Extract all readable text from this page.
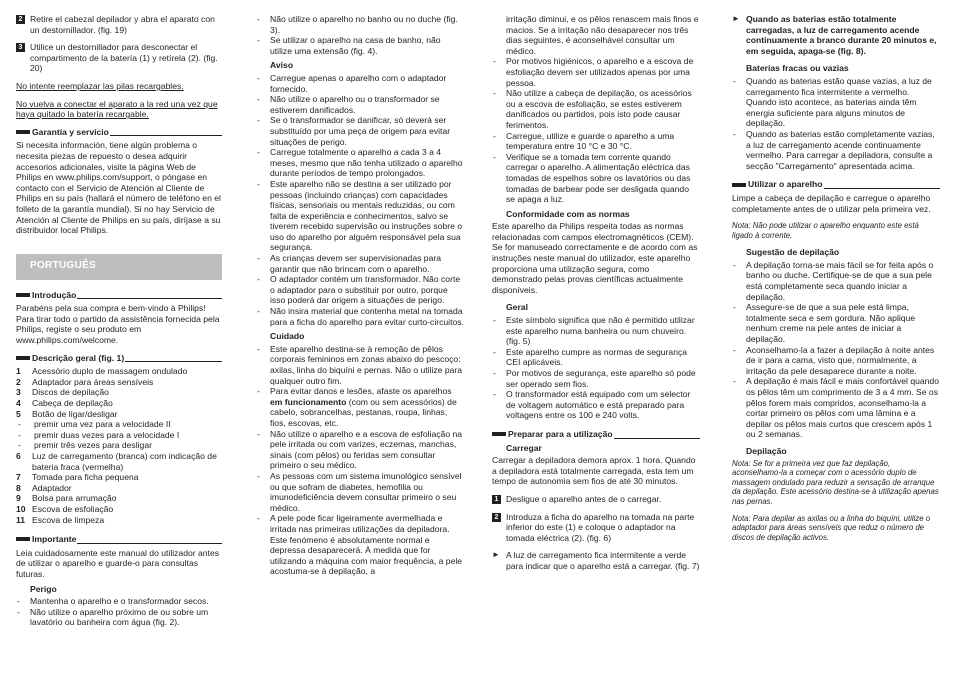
2 Retire el cabezal depilador y abra el aparato con un destornillador. (fig. 19)

3 Utilice un destornillador para desconectar el compartimento de la batería (1) y retírela (2). (fig. 20)

No intente reemplazar las pilas recargables.

No vuelva a conectar el aparato a la red una vez que haya quitado la batería recargable.

Garantía y servicio

Si necesita información, tiene algún problema o necesita piezas de repuesto o desea adquirir accesorios adicionales, visite la página Web de Philips en www.philips.com/support, o póngase en contacto con el Servicio de Atención al Cliente de Philips en su país (hallará el número de teléfono en el folleto de la garantía mundial). Si no hay Servicio de Atención al Cliente de Philips en su país, diríjase a su distribuidor local Philips.

PORTUGUÊS
Introdução

Parabéns pela sua compra e bem-vindo à Philips! Para tirar todo o partido da assistência fornecida pela Philips, registe o seu produto em www.philips.com/welcome.

Descrição geral (fig. 1)
1	Acessório duplo de massagem ondulado
2	Adaptador para áreas sensíveis
3	Discos de depilação
4	Cabeça de depilação
5	Botão de ligar/desligar
-	premir uma vez para a velocidade II
-	premir duas vezes para a velocidade I
-	premir três vezes para desligar
6	Luz de carregamento (branca) com indicação de bateria fraca (vermelha)
7	Tomada para ficha pequena
8	Adaptador
9	Bolsa para arrumação
10 Escova de esfoliação
11 Escova de limpeza
Importante

Leia cuidadosamente este manual do utilizador antes de utilizar o aparelho e guarde-o para consultas futuras.

Perigo

- Mantenha o aparelho e o transformador secos.
- Não utilize o aparelho próximo de ou sobre um lavatório ou banheira com água (fig. 2).
- Não utilize o aparelho no banho ou no duche (fig. 3).
- Se utilizar o aparelho na casa de banho, não utilize uma extensão (fig. 4).

Aviso

- Carregue apenas o aparelho com o adaptador fornecido.
- Não utilize o aparelho ou o transformador se estiverem danificados.
- Se o transformador se danificar, só deverá ser substituído por uma peça de origem para evitar situações de perigo.
- Carregue totalmente o aparelho a cada 3 a 4 meses, mesmo que não tenha utilizado o aparelho durante períodos de tempo prolongados.
- Este aparelho não se destina a ser utilizado por pessoas (incluindo crianças) com capacidades físicas, sensoriais ou mentais reduzidas, ou com falta de experiência e conhecimentos, salvo se tiverem recebido supervisão ou instruções sobre o uso do aparelho por alguém responsável pela sua segurança.
- As crianças devem ser supervisionadas para garantir que não brincam com o aparelho.
- O adaptador contém um transformador. Não corte o adaptador para o substituir por outro, porque isso poderá dar origem a situações de perigo.
- Não insira material que contenha metal na tomada para a ficha do aparelho para evitar curto-circuitos.

Cuidado

- Este aparelho destina-se à remoção de pêlos corporais femininos em zonas abaixo do pescoço: axilas, linha do biquíni e pernas. Não o utilize para qualquer outro fim.
- Para evitar danos e lesões, afaste os aparelhos em funcionamento (com ou sem acessórios) de cabelo, sobrancelhas, pestanas, roupa, linhas, fios, escovas, etc.
- Não utilize o aparelho e a escova de esfoliação na pele irritada ou com varizes, eczemas, manchas, sinais (com pêlos) ou feridas sem consultar primeiro o seu médico.
- As pessoas com um sistema imunológico sensível ou que sofram de diabetes, hemofilia ou imunodeficiência devem consultar primeiro o seu médico.
- A pele pode ficar ligeiramente avermelhada e irritada nas primeiras utilizações da depiladora. Este fenómeno é absolutamente normal e depressa desaparecerá. À medida que for utilizando a máquina com maior frequência, a pele acostuma-se à depilação, a

irritação diminui, e os pêlos renascem mais finos e macios. Se a irritação não desaparecer nos três dias seguintes, é aconselhável consultar um médico.

- Por motivos higiénicos, o aparelho e a escova de esfoliação devem ser utilizados apenas por uma pessoa.
- Não utilize a cabeça de depilação, os acessórios ou a escova de esfoliação, se estes estiverem danificados ou partidos, pois isto pode causar ferimentos.
- Carregue, utilize e guarde o aparelho a uma temperatura entre 10 °C e 30 °C.
- Verifique se a tomada tem corrente quando carregar o aparelho. A alimentação eléctrica das tomadas de espelhos sobre os lavatórios ou das tomadas de barbear pode ser desligada quando se apaga a luz.

Conformidade com as normas

Este aparelho da Philips respeita todas as normas relacionadas com campos electromagnéticos (CEM). Se for manuseado correctamente e de acordo com as instruções neste manual do utilizador, este aparelho proporciona uma utilização segura, como demonstrado pelas provas científicas actualmente disponíveis.

Geral

- Este símbolo significa que não é permitido utilizar este aparelho numa banheira ou num chuveiro. (fig. 5)
- Este aparelho cumpre as normas de segurança CEI aplicáveis.
- Por motivos de segurança, este aparelho só pode ser operado sem fios.
- O transformador está equipado com um selector de voltagem automático e está preparado para voltagens entre os 100 e 240 volts.
Preparar para a utilização

Carregar

Carregar a depiladora demora aprox. 1 hora. Quando a depiladora está totalmente carregada, esta tem um tempo de autonomia sem fios de até 30 minutos.

1 Desligue o aparelho antes de o carregar.

2 Introduza a ficha do aparelho na tomada na parte inferior do este (1) e coloque o adaptador na tomada eléctrica (2). (fig. 6)

► A luz de carregamento fica intermitente a verde para indicar que o aparelho está a carregar. (fig. 7)

► Quando as baterias estão totalmente carregadas, a luz de carregamento acende continuamente a branco durante 20 minutos e, em seguida, apaga-se (fig. 8).

Baterias fracas ou vazias

- Quando as baterias estão quase vazias, a luz de carregamento fica intermitente a vermelho. Quando isto acontece, as baterias ainda têm energia suficiente para alguns minutos de depilação.
- Quando as baterias estão completamente vazias, a luz de carregamento acende continuamente vermelho. Para carregar a depiladora, consulte a secção "Carregamento" apresentada acima.
Utilizar o aparelho

Limpe a cabeça de depilação e carregue o aparelho completamente antes de o utilizar pela primeira vez.

Nota: Não pode utilizar o aparelho enquanto este está ligado à corrente.

Sugestão de depilação

- A depilação torna-se mais fácil se for feita após o banho ou duche. Certifique-se de que a sua pele está completamente seca quando iniciar a depilação.
- Assegure-se de que a sua pele está limpa, totalmente seca e sem gordura. Não aplique nenhum creme na pele antes de iniciar a depilação.
- Aconselhamo-la a fazer a depilação à noite antes de ir para a cama, visto que, normalmente, a irritação da pele desaparece durante a noite.
- A depilação é mais fácil e mais confortável quando os pêlos têm um comprimento de 3 a 4 mm. Se os pêlos forem mais compridos, aconselhamo-la a cortar primeiro os pêlos com uma lâmina e a depilar os pêlos mais curtos que crescem após 1 ou 2 semanas.

Depilação

Nota: Se for a primeira vez que faz depilação, aconselhamo-la a começar com o acessório duplo de massagem ondulado para reduzir a sensação de arranque da depilação. Este acessório destina-se à utilização apenas nas pernas.

Nota: Para depilar as axilas ou a linha do biquíni, utilize o adaptador para áreas sensíveis que reduz o número de discos de depilação activos.
